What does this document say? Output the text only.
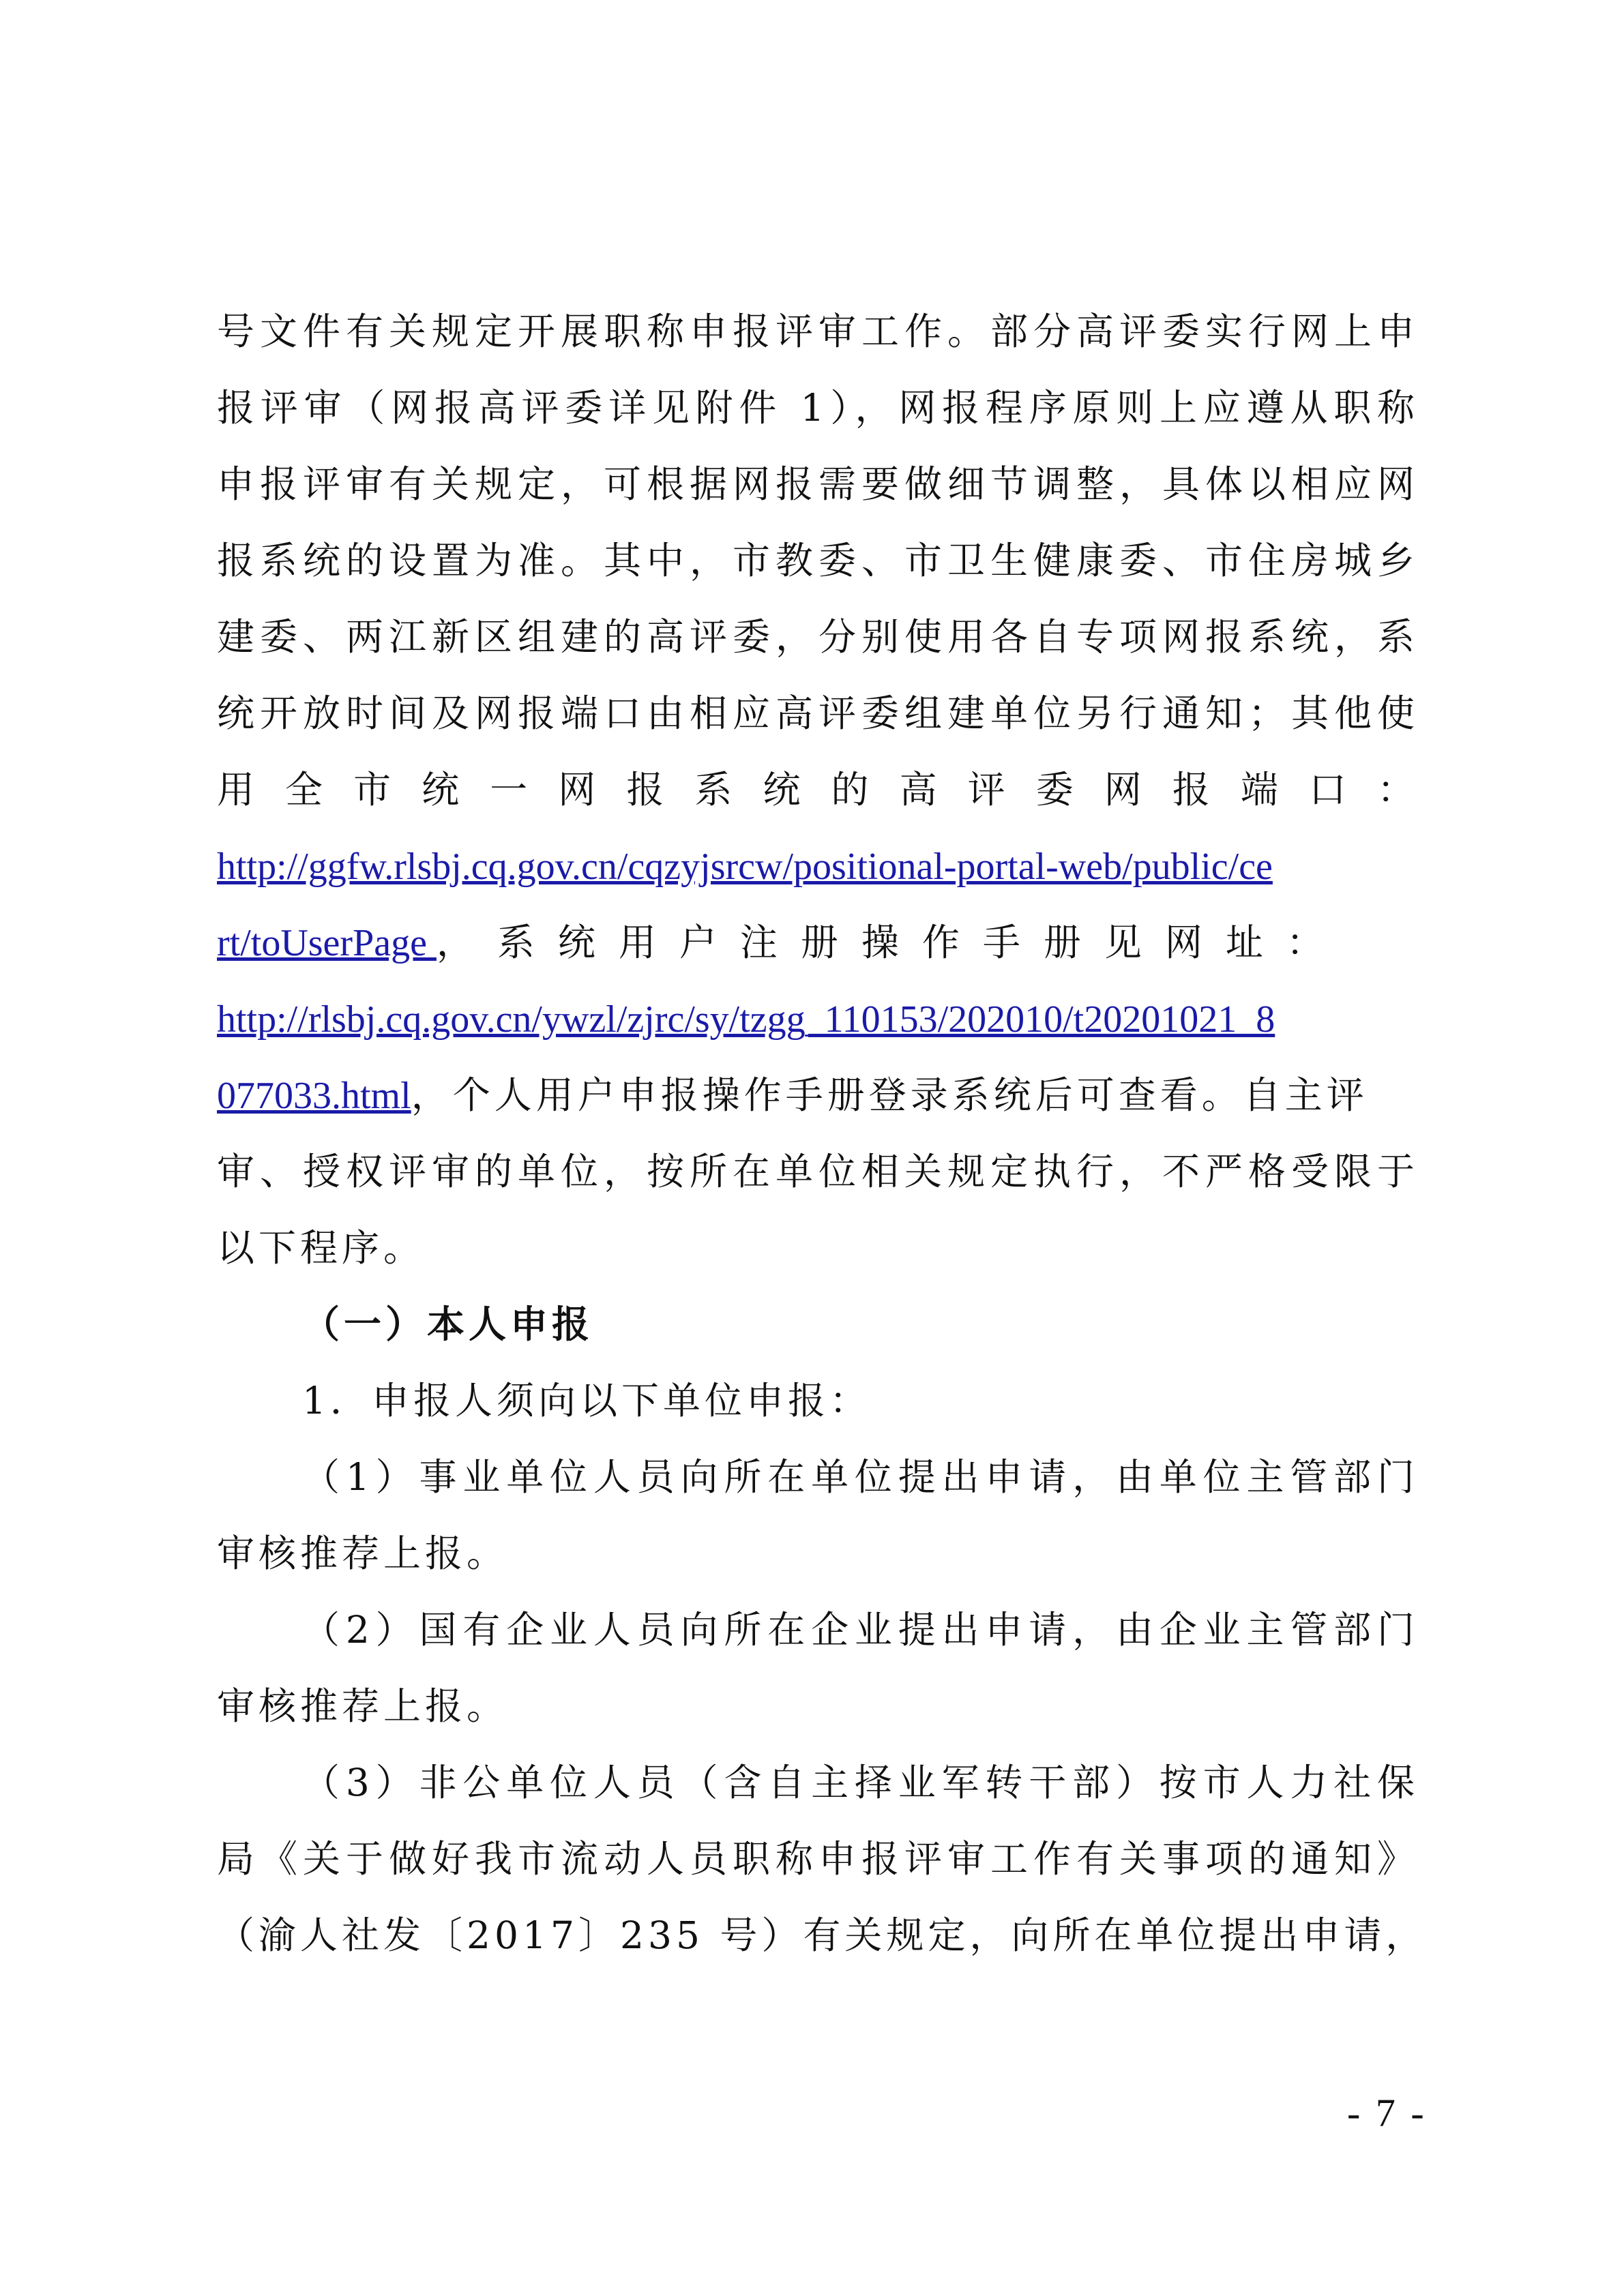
号文件有关规定开展职称申报评审工作。部分高评委实行网上申
报评审（网报高评委详见附件 1），网报程序原则上应遵从职称
申报评审有关规定，可根据网报需要做细节调整，具体以相应网
报系统的设置为准。其中，市教委、市卫生健康委、市住房城乡
建委、两江新区组建的高评委，分别使用各自专项网报系统，系
统开放时间及网报端口由相应高评委组建单位另行通知；其他使
用全市统一网报系统的高评委网报端口：
http://ggfw.rlsbj.cq.gov.cn/cqzyjsrcw/positional-portal-web/public/ce
rt/toUserPage ，系统用户注册操作手册见网址：
http://rlsbj.cq.gov.cn/ywzl/zjrc/sy/tzgg_110153/202010/t20201021_8
077033.html，个人用户申报操作手册登录系统后可查看。自主评
审、授权评审的单位，按所在单位相关规定执行，不严格受限于
以下程序。
（一）本人申报
1．申报人须向以下单位申报：
（1）事业单位人员向所在单位提出申请，由单位主管部门
审核推荐上报。
（2）国有企业人员向所在企业提出申请，由企业主管部门
审核推荐上报。
（3）非公单位人员（含自主择业军转干部）按市人力社保
局《关于做好我市流动人员职称申报评审工作有关事项的通知》
（渝人社发〔2017〕235 号）有关规定，向所在单位提出申请，
- 7 -
